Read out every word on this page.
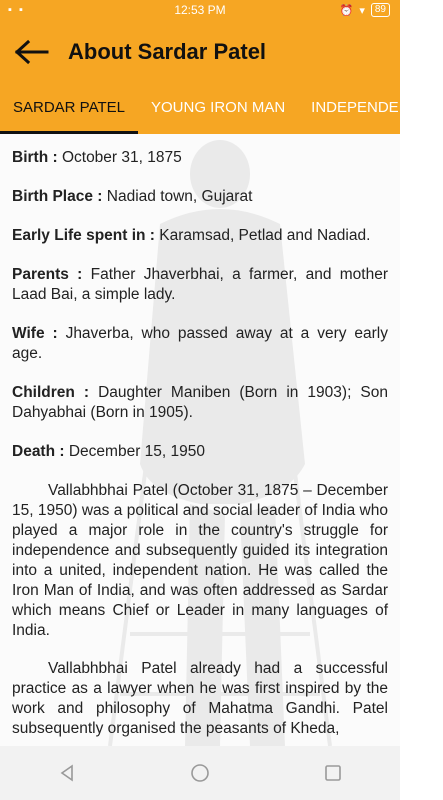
▪ ▪	12:53 PM	⏰ ▾	89
About Sardar Patel
SARDAR PATEL	YOUNG IRON MAN	INDEPENDENCE
Birth : October 31, 1875
Birth Place : Nadiad town, Gujarat
Early Life spent in : Karamsad, Petlad and Nadiad.
Parents : Father Jhaverbhai, a farmer, and mother Laad Bai, a simple lady.
Wife : Jhaverba, who passed away at a very early age.
Children : Daughter Maniben (Born in 1903); Son Dahyabhai (Born in 1905).
Death : December 15, 1950

Vallabhbhai Patel (October 31, 1875 – December 15, 1950) was a political and social leader of India who played a major role in the country's struggle for independence and subsequently guided its integration into a united, independent nation. He was called the Iron Man of India, and was often addressed as Sardar which means Chief or Leader in many languages of India.

Vallabhbhai Patel already had a successful practice as a lawyer when he was first inspired by the work and philosophy of Mahatma Gandhi. Patel subsequently organised the peasants of Kheda,
